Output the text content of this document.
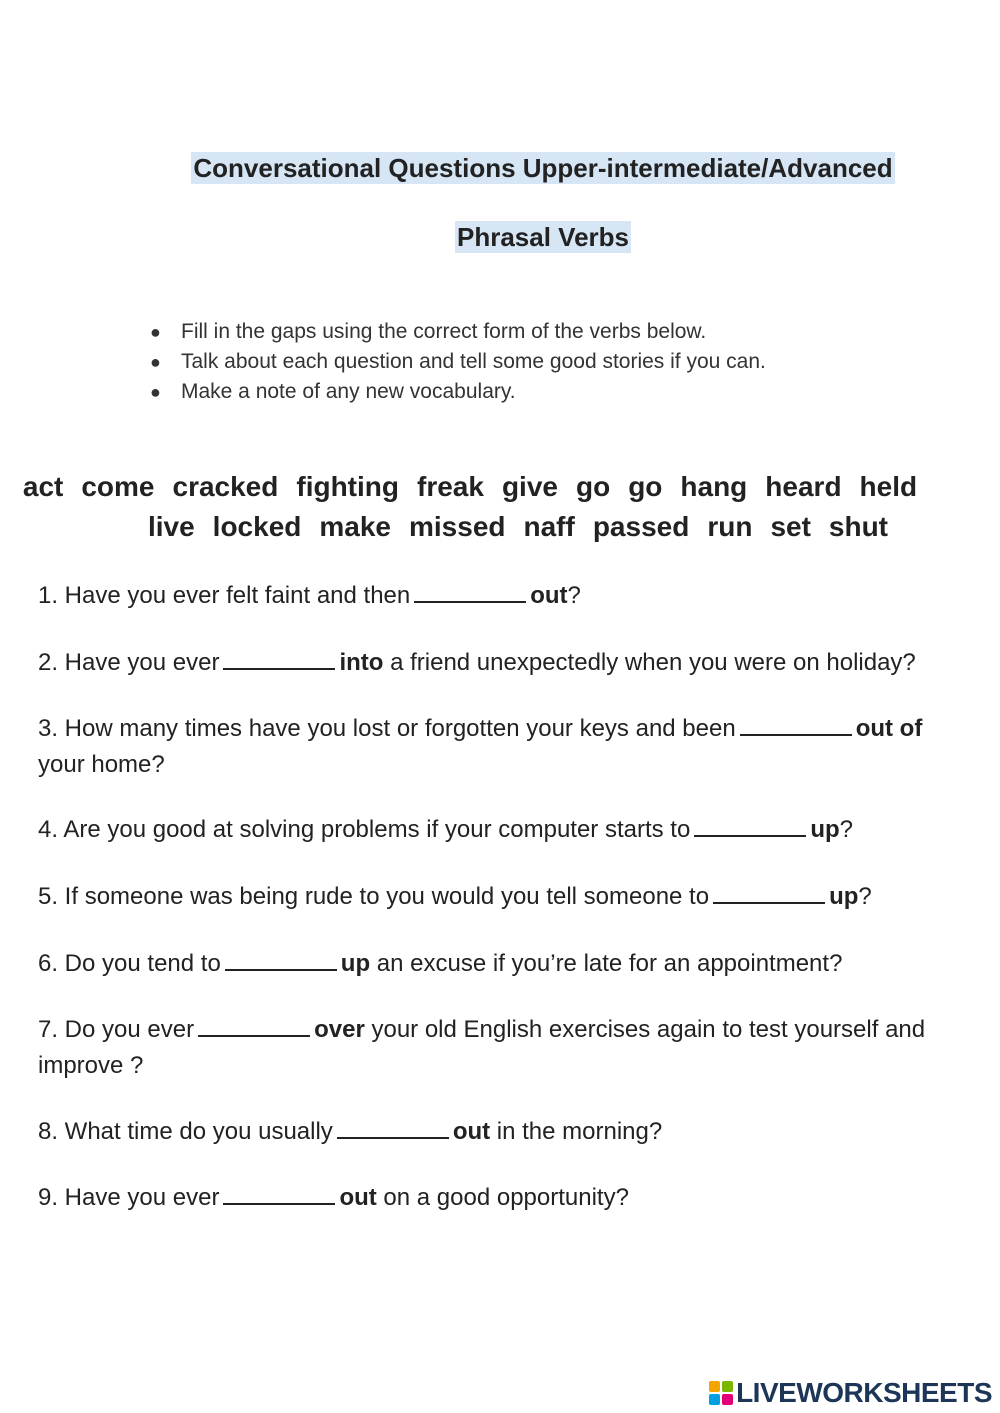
Conversational Questions Upper-intermediate/Advanced
Phrasal Verbs
● Fill in the gaps using the correct form of the verbs below.
● Talk about each question and tell some good stories if you can.
● Make a note of any new vocabulary.
act come cracked fighting freak give go go hang heard held
live locked make missed naff passed run set shut
1. Have you ever felt faint and then	out?
2. Have you ever	into a friend unexpectedly when you were on holiday?
3. How many times have you lost or forgotten your keys and been	out of your home?
4. Are you good at solving problems if your computer starts to	up?
5. If someone was being rude to you would you tell someone to	up?
6. Do you tend to	up an excuse if you’re late for an appointment?
7. Do you ever	over your old English exercises again to test yourself and improve ?
8. What time do you usually	out in the morning?
9. Have you ever	out on a good opportunity?
LIVEWORKSHEETS
